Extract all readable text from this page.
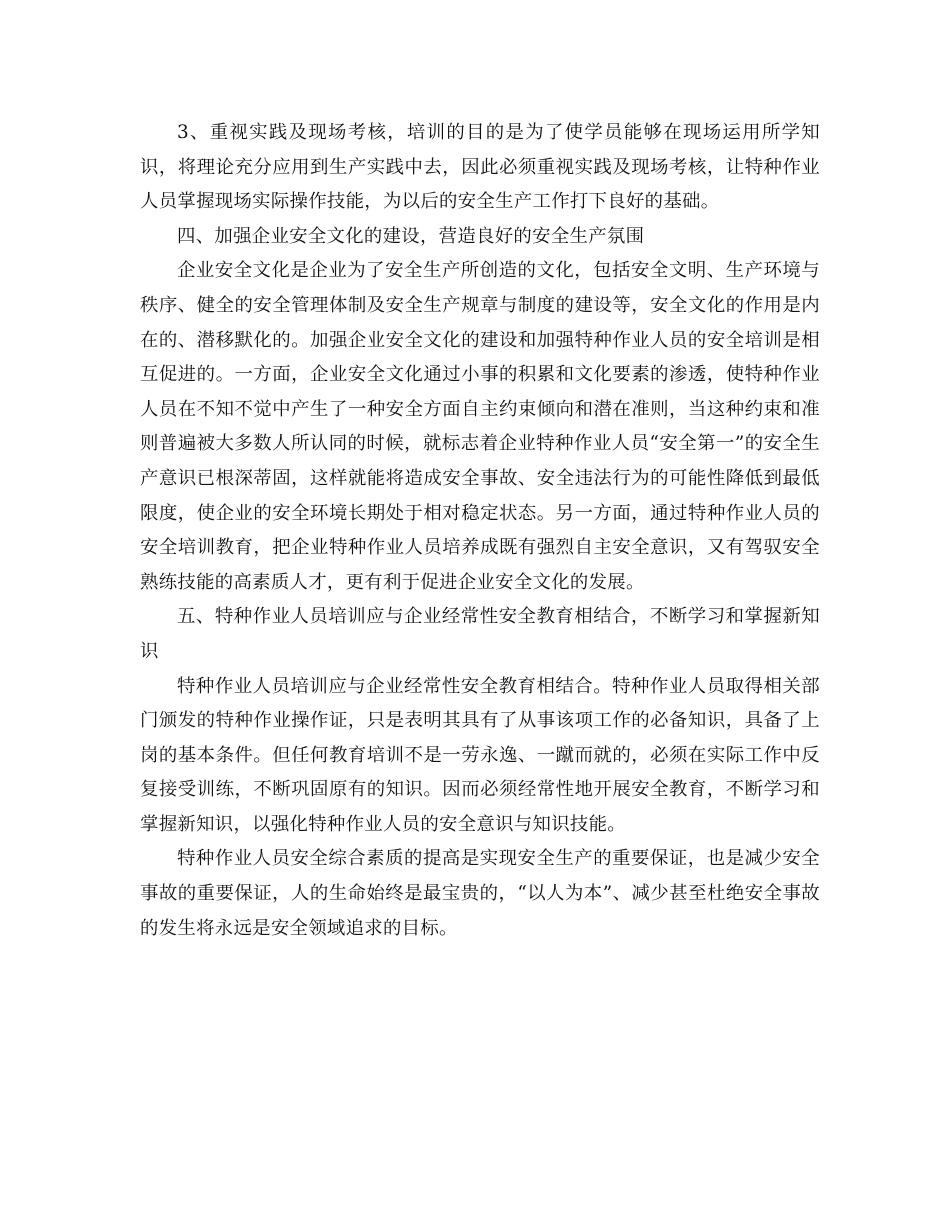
3、重视实践及现场考核，培训的目的是为了使学员能够在现场运用所学知识，将理论充分应用到生产实践中去，因此必须重视实践及现场考核，让特种作业人员掌握现场实际操作技能，为以后的安全生产工作打下良好的基础。

四、加强企业安全文化的建设，营造良好的安全生产氛围

企业安全文化是企业为了安全生产所创造的文化，包括安全文明、生产环境与秩序、健全的安全管理体制及安全生产规章与制度的建设等，安全文化的作用是内在的、潜移默化的。加强企业安全文化的建设和加强特种作业人员的安全培训是相互促进的。一方面，企业安全文化通过小事的积累和文化要素的渗透，使特种作业人员在不知不觉中产生了一种安全方面自主约束倾向和潜在准则，当这种约束和准则普遍被大多数人所认同的时候，就标志着企业特种作业人员“安全第一”的安全生产意识已根深蒂固，这样就能将造成安全事故、安全违法行为的可能性降低到最低限度，使企业的安全环境长期处于相对稳定状态。另一方面，通过特种作业人员的安全培训教育，把企业特种作业人员培养成既有强烈自主安全意识，又有驾驭安全熟练技能的高素质人才，更有利于促进企业安全文化的发展。

五、特种作业人员培训应与企业经常性安全教育相结合，不断学习和掌握新知识

特种作业人员培训应与企业经常性安全教育相结合。特种作业人员取得相关部门颁发的特种作业操作证，只是表明其具有了从事该项工作的必备知识，具备了上岗的基本条件。但任何教育培训不是一劳永逸、一蹴而就的，必须在实际工作中反复接受训练，不断巩固原有的知识。因而必须经常性地开展安全教育，不断学习和掌握新知识，以强化特种作业人员的安全意识与知识技能。

特种作业人员安全综合素质的提高是实现安全生产的重要保证，也是减少安全事故的重要保证，人的生命始终是最宝贵的，“以人为本”、减少甚至杜绝安全事故的发生将永远是安全领域追求的目标。
